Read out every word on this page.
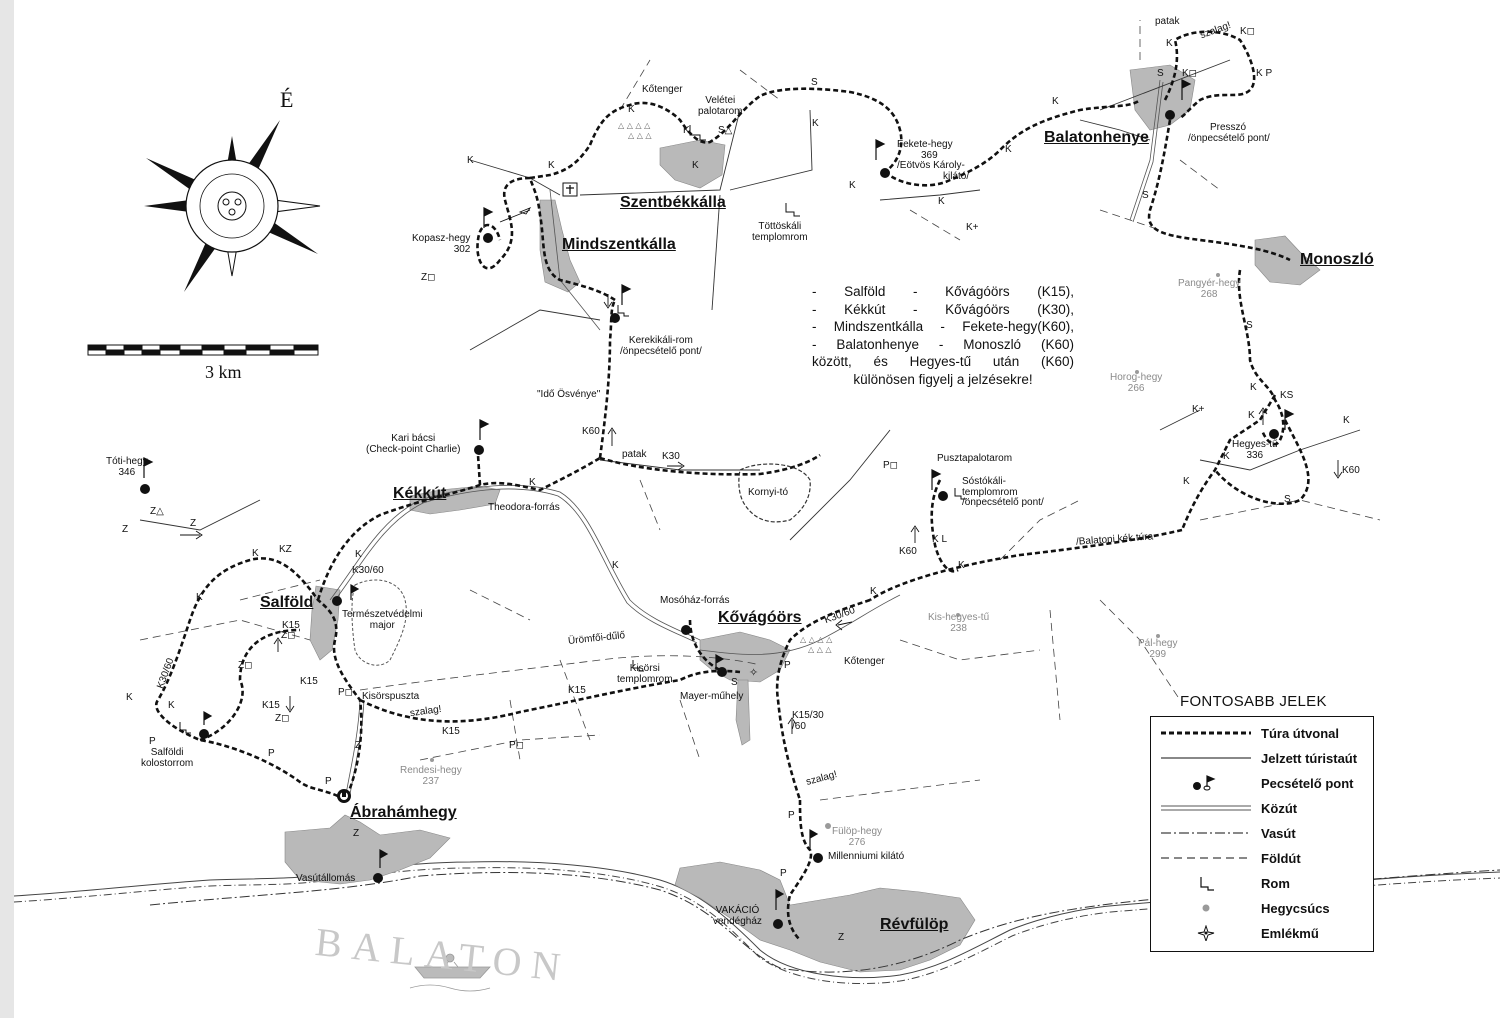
△ △ △ △
△ △ △
△ △ △ △
△ △ △
✧
É
3 km
Szentbékkálla
Mindszentkálla
Balatonhenye
Monoszló
Kékkút
Salföld
Kővágóörs
Ábrahámhegy
Révfülöp
Pangyér-hegy
268
Horog-hegy
266
Kis-hegyes-tű
238
Pál-hegy
299
Rendesi-hegy
237
Fülöp-hegy
276
Kőtenger
Velétei
palotarom
Kopasz-hegy
302
Fekete-hegy
369
/Eötvös Károly-
kilátó/
Töttöskáli
templomrom
Presszó
/önpecsételő pont/
Kerekikáli-rom
/önpecsételő pont/
"Idő Ösvénye"
Kari bácsi
(Check-point Charlie)
Tóti-hegy
346
Theodora-forrás
patak
patak
szalag!
szalag!
szalag!
Kornyi-tó
Pusztapalotarom
Sóstókáli-
templomrom
/önpecsételő pont/
Hegyes-tű
336
/Balatoni kék túra
Mosóház-forrás
Ürömfői-dűlő
Kisörsi
templomrom
Mayer-műhely
Kőtenger
Természetvédelmi
major
Kisörspuszta
Salföldi
kolostorrom
Vasútállomás
Millenniumi kilátó
VAKÁCIÓ
vendégház
K	K
K
K
K
K
K
K
K
K
K
K
K	K
K
K
K
K
K
K
K	K
K
K
K
S
S
S
S
S
S
P
P
P
P
P
P
Z
Z
Z
Z
Z
K+
K+
K P
KS
K L
KZ
K30
K60
K60
K60
K30/60
K30/60
K30/60
K15
K15
K15
K15
K15
K15/30
/60
Z◻
Z◻
Z◻
Z◻
P◻
P◻
P◻
K◻
K◻
S△
Z△
- Salföld - Kővágóörs (K15),
- Kékkút - Kővágóörs (K30),
- Mindszentkálla - Fekete-hegy(K60),
- Balatonhenye - Monoszló (K60)
között, és Hegyes-tű után (K60)
különösen figyelj a jelzésekre!
BALATON
FONTOSABB JELEK
Túra útvonal
Jelzett túristaút
Pecsételő pont
Közút
Vasút
Földút
Rom
Hegycsúcs
Emlékmű
